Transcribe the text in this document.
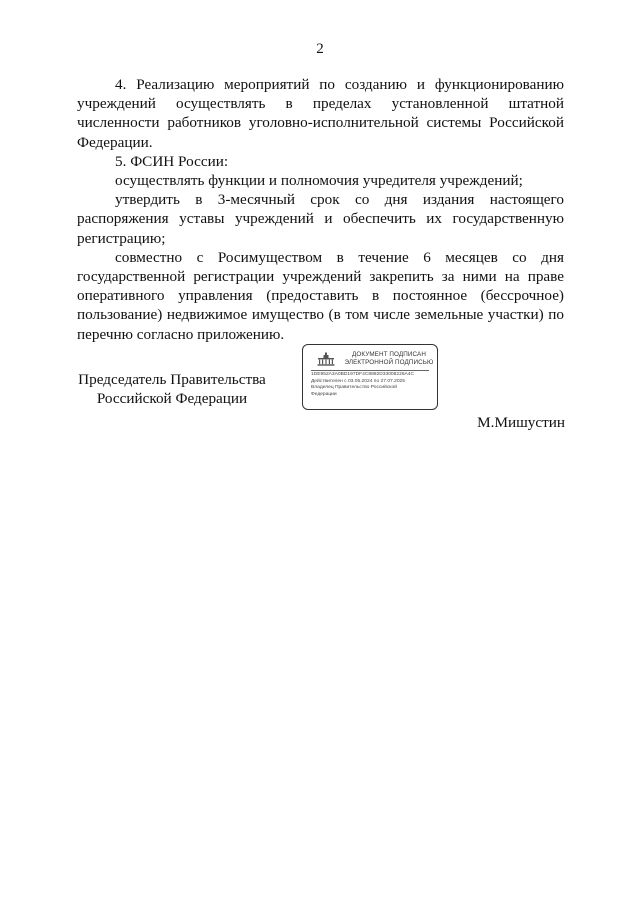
2

4. Реализацию мероприятий по созданию и функционированию учреждений осуществлять в пределах установленной штатной численности работников уголовно-исполнительной системы Российской Федерации.

5. ФСИН России:

осуществлять функции и полномочия учредителя учреждений;

утвердить в 3-месячный срок со дня издания настоящего распоряжения уставы учреждений и обеспечить их государственную регистрацию;

совместно с Росимуществом в течение 6 месяцев со дня государственной регистрации учреждений закрепить за ними на праве оперативного управления (предоставить в постоянное (бессрочное) пользование) недвижимое имущество (в том числе земельные участки) по перечню согласно приложению.

Председатель Правительства
Российской Федерации
ДОКУМЕНТ ПОДПИСАН
ЭЛЕКТРОННОЙ ПОДПИСЬЮ
1DE952A3A0BD197DF4C8892D33008226A4C
Действителен с 03.05.2024 по 27.07.2025
Владелец Правительство Российской
Федерации
М.Мишустин
